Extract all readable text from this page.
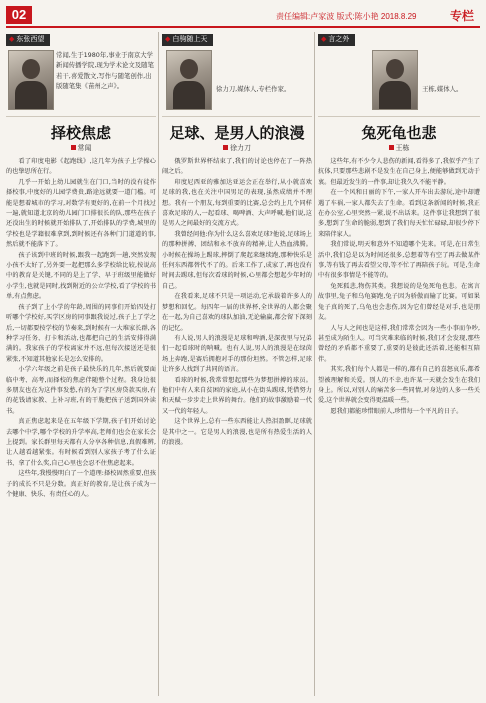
02	责任编辑:卢家波 版式:陈小艳 2018.8.29	专栏
◆ 东张西望
常闻,生于1980年,事业于南京大学新闻传播学院,现为学术论文及随笔若干,喜爱散文,写作与随笔创作,出版随笔集《苗州之声》。
择校焦虑
常闻

看了印度电影《起跑线》,这几年为孩子上学操心的也挚思所在行。

几乎一开始上幼儿园就生在门口,当时的没有徒作择校事,中度好的儿园学费贵,路途远就要一道门槛。可能是想着城市的学习,对数学有更好的,在前一个月找过一遍,就知道北京的幼儿园门口排很长的队,那些在孩子还没出生的时候就开始排队了,开始排队的学费,城里的学校也是学籍很难拿到,到时候还有各种门门道道的事,然后就不能落下了。

孩子该到中班的时候,跟我一起跑到一趟,突然发现小孩不太好了,另外要一起把那么多学校给比较,按说高中的教育是关键,不同的是上了学、早于班级里能做好小学生,也就是同时,找到附近的公立学校,看了学校的书单,有点焦虑。

孩子到了上小学的年龄,周围的同事们开始四处打听哪个学校好,买学区房的同事跟我说过,孩子上了学之后,一切都要按学校的节奏来,到时候有一大堆家长群,各种学习任务、打卡和活动,也都把自己的生活安排得满满的。我家孩子的学校离家并不远,但每次接送还是很紧张,不知道其他家长是怎么安排的。

小学六年级之前是孩子最快乐的几年,然后就要面临中考、高考,而择校的焦虑伴随整个过程。我身边很多朋友也在为这件事发愁,有的为了学区房贷款买房,有的花钱请家教、上补习班,有的干脆把孩子送到国外读书。

真正焦虑起来是在五年级下学期,孩子们开始讨论去哪个中学,哪个学校的升学率高,老师们也会在家长会上提到。家长群里每天都有人分享各种信息,真假难辨,让人越看越紧张。有时候看到别人家孩子考了什么证书、拿了什么奖,自己心里也会忍不住焦虑起来。

这些年,我慢慢明白了一个道理:择校固然重要,但孩子的成长不只是分数。真正好的教育,是让孩子成为一个健康、快乐、有责任心的人。

◆ 白驹随上天
徐力刀,媒体人,专栏作家。
足球、是男人的浪漫
徐力刀

俄罗斯世界杯结束了,我们的讨论也停在了一阵热闹之后。

印度尼西亚的雅加达亚运会正在举行,从小就喜欢足球的我,也在关注中国男足的表现,虽然成绩并不理想。我有一个朋友,每到重要的比赛,总会约上几个同样喜欢足球的人,一起看球、喝啤酒、大声呼喊,他们说,这是男人之间最好的交流方式。

我曾经问他:你为什么这么喜欢足球?他说,足球场上的那种拼搏、团结和永不放弃的精神,让人热血沸腾。小时候在操场上踢球,摔倒了爬起来继续跑,那种快乐是任何东西都替代不了的。后来工作了,成家了,再也没有时间去踢球,但每次看球的时候,心里都会想起少年时的自己。

在我看来,足球不只是一项运动,它承载着许多人的梦想和回忆。每四年一届的世界杯,全世界的人都会聚在一起,为自己喜欢的球队加油,无论输赢,都会留下深刻的记忆。

有人说,男人的浪漫是足球和啤酒,是深夜里与兄弟们一起看球时的呐喊。也有人说,男人的浪漫是在绿茵场上奔跑,是赛后拥抱对手的那份坦然。不管怎样,足球让许多人找到了共同的语言。

看球的时候,我常常想起那些为梦想拼搏的球员。他们中有人来自贫困的家庭,从小在街头踢球,凭借努力和天赋一步步走上世界的舞台。他们的故事激励着一代又一代的年轻人。

这个世界上,总有一些东西能让人热泪盈眶,足球就是其中之一。它是男人的浪漫,也是所有热爱生活的人的浪漫。

◆ 言之外
王栋,媒体人。
兔死龟也悲
王栋

这些年,有不少令人悲伤的新闻,看得多了,我似乎产生了抗体,只要那些悲剧不是发生在自己身上,便能够做到无动于衷。但最近发生的一件事,却让我久久不能平静。

在一个风和日丽的下午,一家人开车出去游玩,途中却遭遇了车祸,一家人都失去了生命。看到这条新闻的时候,我正在办公室,心里突然一紧,说不出话来。这件事让我想到了很多,想到了生命的脆弱,想到了我们每天忙忙碌碌,却很少停下来陪伴家人。

我们常说,明天和意外不知道哪个先来。可是,在日常生活中,我们总是以为时间还很多,总想着等有空了再去做某件事,等有钱了再去看望父母,等不忙了再陪孩子玩。可是,生命中有很多事情是不能等的。

兔死狐悲,物伤其类。我想说的是兔死龟也悲。在寓言故事里,兔子和乌龟赛跑,兔子因为骄傲而输了比赛。可如果兔子真的死了,乌龟也会悲伤,因为它们曾经是对手,也是朋友。

人与人之间也是这样,我们常常会因为一些小事而争吵,甚至成为陌生人。可当灾难来临的时候,我们才会发现,那些曾经的矛盾都不重要了,重要的是彼此还活着,还能相互陪伴。

其实,我们每个人都是一样的,都有自己的喜怒哀乐,都希望被理解和关爱。别人的不幸,也许某一天就会发生在我们身上。所以,对别人的痛苦多一些同情,对身边的人多一些关爱,这个世界就会变得更温暖一些。

愿我们都能珍惜眼前人,珍惜每一个平凡的日子。
